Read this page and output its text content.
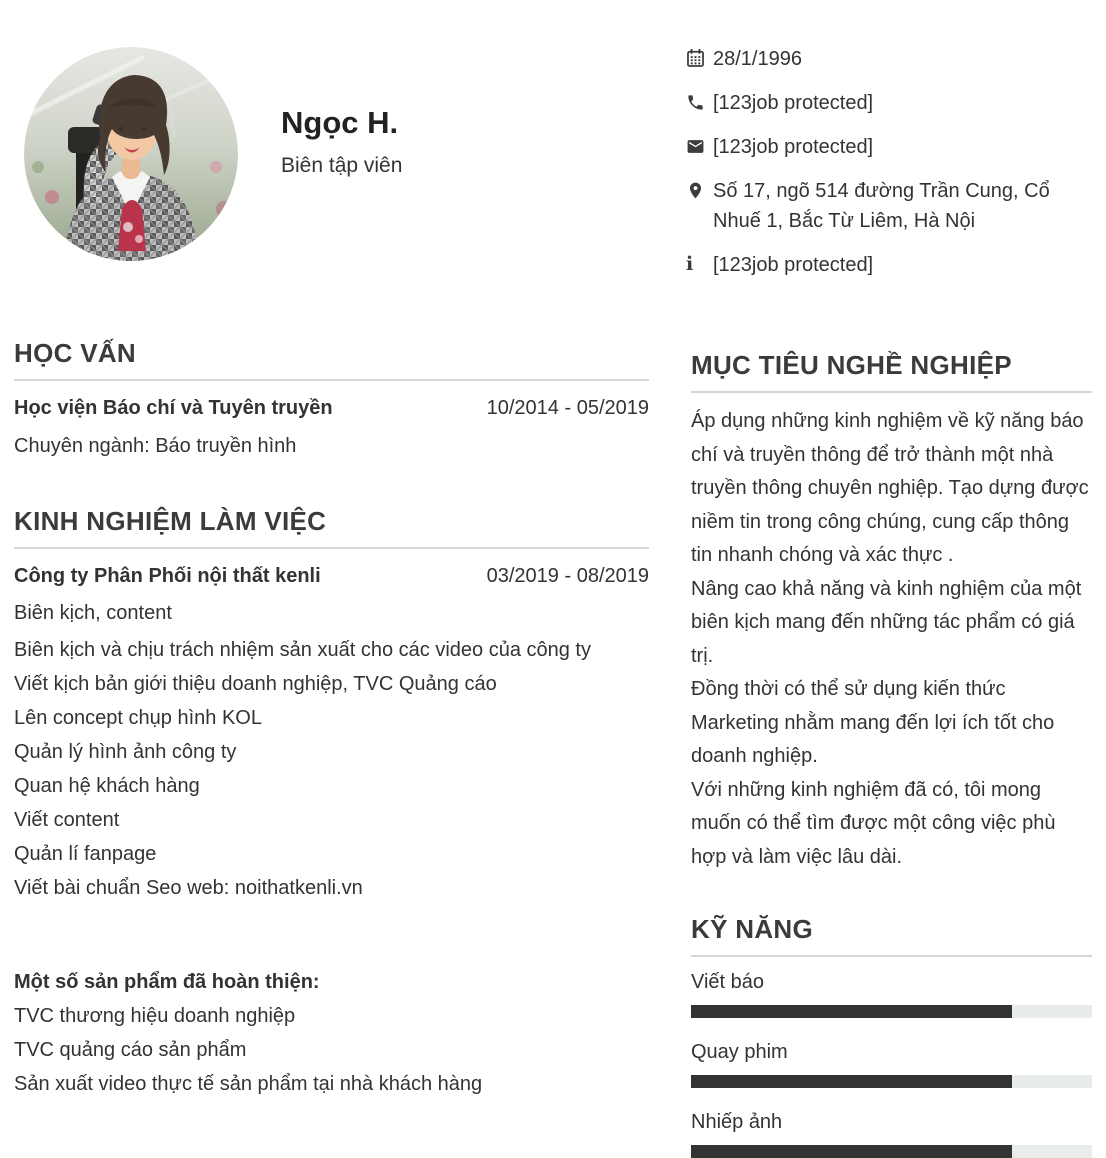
Ngọc H.
Biên tập viên
28/1/1996
[123job protected]
[123job protected]
Số 17, ngõ 514 đường Trần Cung, Cổ Nhuế 1, Bắc Từ Liêm, Hà Nội
i [123job protected]
HỌC VẤN
Học viện Báo chí và Tuyên truyền	10/2014 - 05/2019
Chuyên ngành: Báo truyền hình
KINH NGHIỆM LÀM VIỆC
Công ty Phân Phối nội thất kenli	03/2019 - 08/2019
Biên kịch, content
Biên kịch và chịu trách nhiệm sản xuất cho các video của công ty
Viết kịch bản giới thiệu doanh nghiệp, TVC Quảng cáo
Lên concept chụp hình KOL
Quản lý hình ảnh công ty
Quan hệ khách hàng
Viết content
Quản lí fanpage
Viết bài chuẩn Seo web: noithatkenli.vn
Một số sản phẩm đã hoàn thiện:
TVC thương hiệu doanh nghiệp
TVC quảng cáo sản phẩm
Sản xuất video thực tế sản phẩm tại nhà khách hàng
MỤC TIÊU NGHỀ NGHIỆP

Áp dụng những kinh nghiệm về kỹ năng báo chí và truyền thông để trở thành một nhà truyền thông chuyên nghiệp. Tạo dựng được niềm tin trong công chúng, cung cấp thông tin nhanh chóng và xác thực .

Nâng cao khả năng và kinh nghiệm của một biên kịch mang đến những tác phẩm có giá trị.

Đồng thời có thể sử dụng kiến thức Marketing nhằm mang đến lợi ích tốt cho doanh nghiệp.

Với những kinh nghiệm đã có, tôi mong muốn có thể tìm được một công việc phù hợp và làm việc lâu dài.

KỸ NĂNG
Viết báo
Quay phim
Nhiếp ảnh
